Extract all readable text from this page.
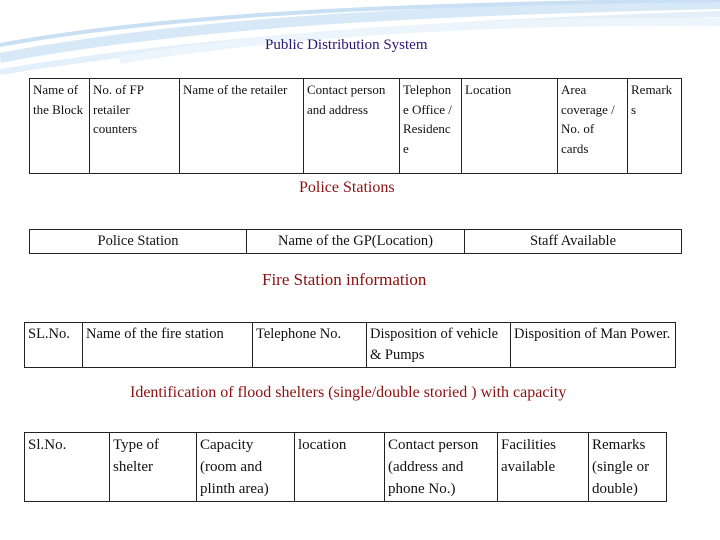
Public Distribution System
Name of the Block	No. of FP retailer counters	Name of the retailer	Contact person and address	Telephon e Office / Residenc e	Location	Area coverage / No. of cards	Remark s
Police Stations
Police Station	Name of the GP(Location)	Staff Available
Fire Station information
SL.No.	Name of the fire station	Telephone No.	Disposition of vehicle & Pumps	Disposition of Man Power.
Identification of flood shelters (single/double storied ) with capacity
Sl.No.	Type of shelter	Capacity (room and plinth area)	location	Contact person (address and phone No.)	Facilities available	Remarks (single or double)
